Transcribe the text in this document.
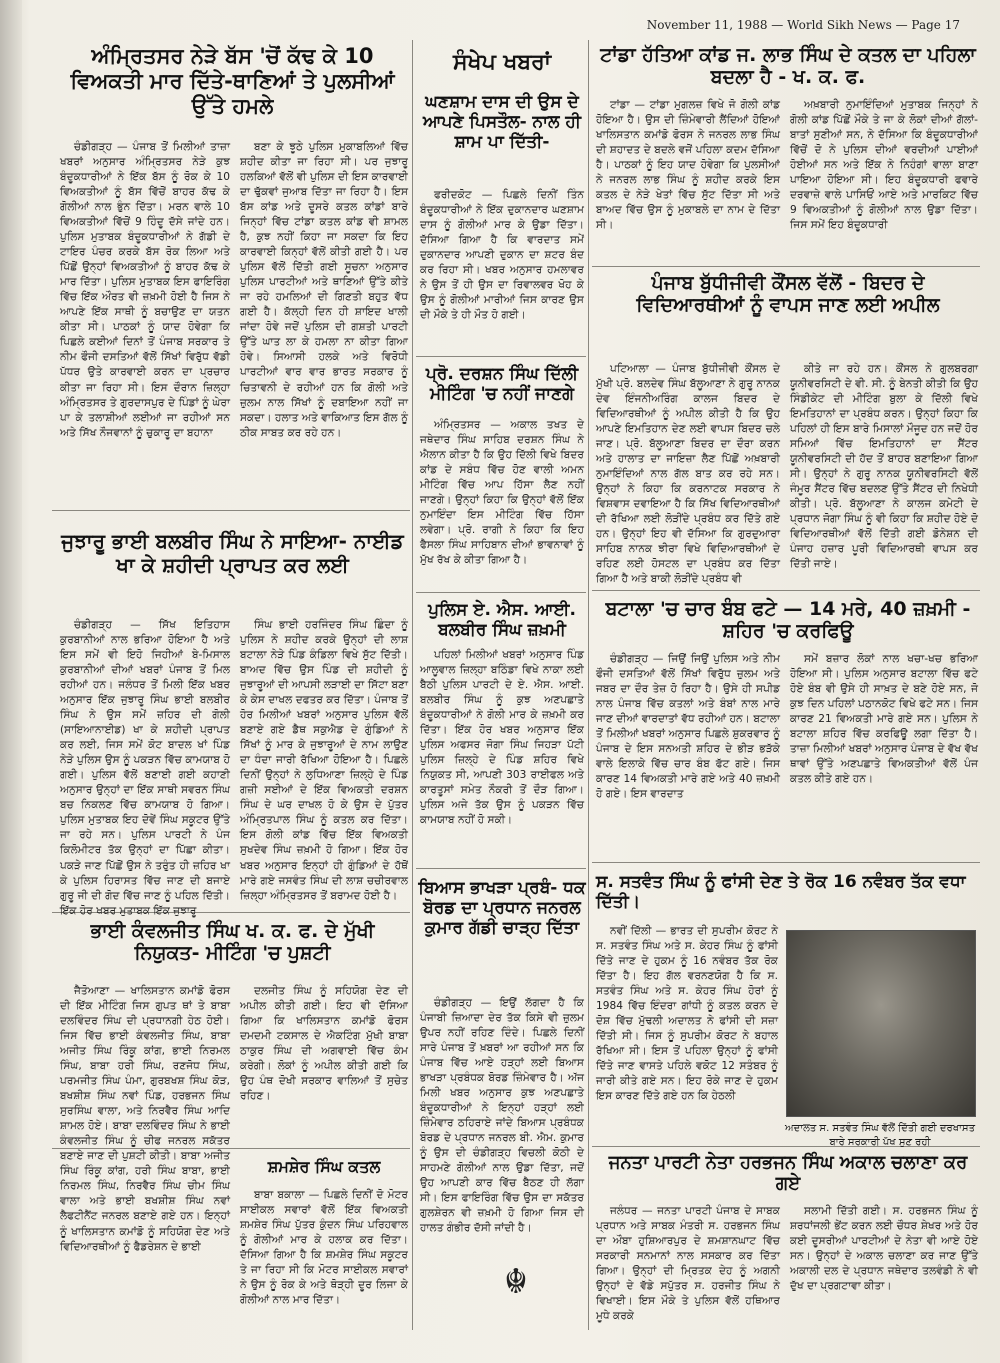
November 11, 1988 — World Sikh News — Page 17
ਅੰਮ੍ਰਿਤਸਰ ਨੇੜੇ ਬੱਸ 'ਚੋਂ ਕੱਢ ਕੇ 10 ਵਿਅਕਤੀ ਮਾਰ ਦਿੱਤੇ-ਥਾਣਿਆਂ ਤੇ ਪੁਲਸੀਆਂ ਉੱਤੇ ਹਮਲੇ

ਚੰਡੀਗੜ੍ਹ — ਪੰਜਾਬ ਤੋਂ ਮਿਲੀਆਂ ਤਾਜ਼ਾ ਖਬਰਾਂ ਅਨੁਸਾਰ ਅੰਮ੍ਰਿਤਸਰ ਨੇੜੇ ਕੁਝ ਬੰਦੂਕਧਾਰੀਆਂ ਨੇ ਇੱਕ ਬੱਸ ਨੂੰ ਰੋਕ ਕੇ 10 ਵਿਅਕਤੀਆਂ ਨੂੰ ਬੱਸ ਵਿੱਚੋਂ ਬਾਹਰ ਕੱਢ ਕੇ ਗੋਲੀਆਂ ਨਾਲ ਭੁੰਨ ਦਿੱਤਾ। ਮਰਨ ਵਾਲੇ 10 ਵਿਅਕਤੀਆਂ ਵਿੱਚੋਂ 9 ਹਿੰਦੂ ਦੱਸੇ ਜਾਂਦੇ ਹਨ। ਪੁਲਿਸ ਮੁਤਾਬਕ ਬੰਦੂਕਧਾਰੀਆਂ ਨੇ ਗੱਡੀ ਦੇ ਟਾਇਰ ਪੰਚਰ ਕਰਕੇ ਬੱਸ ਰੋਕ ਲਿਆ ਅਤੇ ਪਿੱਛੋਂ ਉਨ੍ਹਾਂ ਵਿਅਕਤੀਆਂ ਨੂੰ ਬਾਹਰ ਕੱਢ ਕੇ ਮਾਰ ਦਿੱਤਾ। ਪੁਲਿਸ ਮੁਤਾਬਕ ਇਸ ਫਾਇਰਿੰਗ ਵਿੱਚ ਇੱਕ ਔਰਤ ਵੀ ਜ਼ਖ਼ਮੀ ਹੋਈ ਹੈ ਜਿਸ ਨੇ ਆਪਣੇ ਇੱਕ ਸਾਥੀ ਨੂੰ ਬਚਾਉਣ ਦਾ ਯਤਨ ਕੀਤਾ ਸੀ। ਪਾਠਕਾਂ ਨੂੰ ਯਾਦ ਹੋਵੇਗਾ ਕਿ ਪਿਛਲੇ ਕਈਆਂ ਦਿਨਾਂ ਤੋਂ ਪੰਜਾਬ ਸਰਕਾਰ ਤੇ ਨੀਮ ਫੌਜੀ ਦਸਤਿਆਂ ਵੱਲੋਂ ਸਿੱਖਾਂ ਵਿਰੁੱਧ ਵੱਡੀ ਪੱਧਰ ਉਤੇ ਕਾਰਵਾਈ ਕਰਨ ਦਾ ਪ੍ਰਚਾਰ ਕੀਤਾ ਜਾ ਰਿਹਾ ਸੀ। ਇਸ ਦੌਰਾਨ ਜ਼ਿਲ੍ਹਾ ਅੰਮ੍ਰਿਤਸਰ ਤੇ ਗੁਰਦਾਸਪੁਰ ਦੇ ਪਿੰਡਾਂ ਨੂੰ ਘੇਰਾ ਪਾ ਕੇ ਤਲਾਸ਼ੀਆਂ ਲਈਆਂ ਜਾ ਰਹੀਆਂ ਸਨ ਅਤੇ ਸਿੱਖ ਨੌਜਵਾਨਾਂ ਨੂੰ ਚੁਕਾਰੂ ਦਾ ਬਹਾਨਾ

ਬਣਾ ਕੇ ਝੂਠੇ ਪੁਲਿਸ ਮੁਕਾਬਲਿਆਂ ਵਿੱਚ ਸ਼ਹੀਦ ਕੀਤਾ ਜਾ ਰਿਹਾ ਸੀ। ਪਰ ਜੁਝਾਰੂ ਹਲਕਿਆਂ ਵੱਲੋਂ ਵੀ ਪੁਲਿਸ ਦੀ ਇਸ ਕਾਰਵਾਈ ਦਾ ਢੁੱਕਵਾਂ ਜੁਆਬ ਦਿੱਤਾ ਜਾ ਰਿਹਾ ਹੈ। ਇਸ ਬੱਸ ਕਾਂਡ ਅਤੇ ਦੂਸਰੇ ਕਤਲ ਕਾਂਡਾਂ ਬਾਰੇ ਜਿਨ੍ਹਾਂ ਵਿੱਚ ਟਾਂਡਾ ਕਤਲ ਕਾਂਡ ਵੀ ਸ਼ਾਮਲ ਹੈ, ਕੁਝ ਨਹੀਂ ਕਿਹਾ ਜਾ ਸਕਦਾ ਕਿ ਇਹ ਕਾਰਵਾਈ ਕਿਨ੍ਹਾਂ ਵੱਲੋਂ ਕੀਤੀ ਗਈ ਹੈ। ਪਰ ਪੁਲਿਸ ਵੱਲੋਂ ਦਿੱਤੀ ਗਈ ਸੂਚਨਾ ਅਨੁਸਾਰ ਪੁਲਿਸ ਪਾਰਟੀਆਂ ਅਤੇ ਥਾਣਿਆਂ ਉੱਤੇ ਕੀਤੇ ਜਾ ਰਹੇ ਹਮਲਿਆਂ ਦੀ ਗਿਣਤੀ ਬਹੁਤ ਵੱਧ ਗਈ ਹੈ। ਕੱਲ੍ਹੀ ਦਿਨ ਹੀ ਸ਼ਾਇਦ ਖਾਲੀ ਜਾਂਦਾ ਹੋਵੇ ਜਦੋਂ ਪੁਲਿਸ ਦੀ ਗਸ਼ਤੀ ਪਾਰਟੀ ਉੱਤੇ ਘਾਤ ਲਾ ਕੇ ਹਮਲਾ ਨਾ ਕੀਤਾ ਗਿਆ ਹੋਵੇ। ਸਿਆਸੀ ਹਲਕੇ ਅਤੇ ਵਿਰੋਧੀ ਪਾਰਟੀਆਂ ਵਾਰ ਵਾਰ ਭਾਰਤ ਸਰਕਾਰ ਨੂੰ ਚਿਤਾਵਨੀ ਦੇ ਰਹੀਆਂ ਹਨ ਕਿ ਗੋਲੀ ਅਤੇ ਜ਼ੁਲਮ ਨਾਲ ਸਿੱਖਾਂ ਨੂੰ ਦਬਾਇਆ ਨਹੀਂ ਜਾ ਸਕਦਾ। ਹਲਾਤ ਅਤੇ ਵਾਕਿਆਤ ਇਸ ਗੱਲ ਨੂੰ ਠੀਕ ਸਾਬਤ ਕਰ ਰਹੇ ਹਨ।

ਸੰਖੇਪ ਖਬਰਾਂ
ਘਣਸ਼ਾਮ ਦਾਸ ਦੀ ਉਸ ਦੇ ਆਪਣੇ ਪਿਸਤੌਲ- ਨਾਲ ਹੀ ਸ਼ਾਮ ਪਾ ਦਿੱਤੀ-

ਫਰੀਦਕੋਟ — ਪਿਛਲੇ ਦਿਨੀਂ ਤਿੰਨ ਬੰਦੂਕਧਾਰੀਆਂ ਨੇ ਇੱਕ ਦੁਕਾਨਦਾਰ ਘਣਸ਼ਾਮ ਦਾਸ ਨੂੰ ਗੋਲੀਆਂ ਮਾਰ ਕੇ ਉਡਾ ਦਿੱਤਾ। ਦੱਸਿਆ ਗਿਆ ਹੈ ਕਿ ਵਾਰਦਾਤ ਸਮੇਂ ਦੁਕਾਨਦਾਰ ਆਪਣੀ ਦੁਕਾਨ ਦਾ ਸ਼ਟਰ ਬੰਦ ਕਰ ਰਿਹਾ ਸੀ। ਖਬਰ ਅਨੁਸਾਰ ਹਮਲਾਵਰ ਨੇ ਉਸ ਤੋਂ ਹੀ ਉਸ ਦਾ ਰਿਵਾਲਵਰ ਖੋਹ ਕੇ ਉਸ ਨੂੰ ਗੋਲੀਆਂ ਮਾਰੀਆਂ ਜਿਸ ਕਾਰਣ ਉਸ ਦੀ ਮੌਕੇ ਤੇ ਹੀ ਮੌਤ ਹੋ ਗਈ।

ਪ੍ਰੋ. ਦਰਸ਼ਨ ਸਿੰਘ ਦਿੱਲੀ ਮੀਟਿੰਗ 'ਚ ਨਹੀਂ ਜਾਣਗੇ

ਅੰਮ੍ਰਿਤਸਰ — ਅਕਾਲ ਤਖਤ ਦੇ ਜਥੇਦਾਰ ਸਿੰਘ ਸਾਹਿਬ ਦਰਸ਼ਨ ਸਿੰਘ ਨੇ ਐਲਾਨ ਕੀਤਾ ਹੈ ਕਿ ਉਹ ਦਿੱਲੀ ਵਿਖੇ ਬਿਦਰ ਕਾਂਡ ਦੇ ਸਬੰਧ ਵਿੱਚ ਹੋਣ ਵਾਲੀ ਅਮਨ ਮੀਟਿੰਗ ਵਿੱਚ ਆਪ ਹਿੱਸਾ ਲੈਣ ਨਹੀਂ ਜਾਣਗੇ। ਉਨ੍ਹਾਂ ਕਿਹਾ ਕਿ ਉਨ੍ਹਾਂ ਵੱਲੋਂ ਇੱਕ ਨੁਮਾਇੰਦਾ ਇਸ ਮੀਟਿੰਗ ਵਿੱਚ ਹਿੱਸਾ ਲਵੇਗਾ। ਪ੍ਰੋ. ਰਾਗੀ ਨੇ ਕਿਹਾ ਕਿ ਇਹ ਫੈਸਲਾ ਸਿੰਘ ਸਾਹਿਬਾਨ ਦੀਆਂ ਭਾਵਨਾਵਾਂ ਨੂੰ ਮੁੱਖ ਰੱਖ ਕੇ ਕੀਤਾ ਗਿਆ ਹੈ।

ਪੁਲਿਸ ਏ. ਐਸ. ਆਈ. ਬਲਬੀਰ ਸਿੰਘ ਜ਼ਖ਼ਮੀ

ਪਹਿਲਾਂ ਮਿਲੀਆਂ ਖਬਰਾਂ ਅਨੁਸਾਰ ਪਿੰਡ ਆਲੂਵਾਲ ਜ਼ਿਲ੍ਹਾ ਬਠਿੰਡਾ ਵਿਖੇ ਨਾਕਾ ਲਈ ਬੈਠੀ ਪੁਲਿਸ ਪਾਰਟੀ ਦੇ ਏ. ਐਸ. ਆਈ. ਬਲਬੀਰ ਸਿੰਘ ਨੂੰ ਕੁਝ ਅਣਪਛਾਤੇ ਬੰਦੂਕਧਾਰੀਆਂ ਨੇ ਗੋਲੀ ਮਾਰ ਕੇ ਜ਼ਖ਼ਮੀ ਕਰ ਦਿੱਤਾ। ਇੱਕ ਹੋਰ ਖਬਰ ਅਨੁਸਾਰ ਇੱਕ ਪੁਲਿਸ ਅਫਸਰ ਜੋਗਾ ਸਿੰਘ ਜਿਹੜਾ ਪੱਟੀ ਪੁਲਿਸ ਜ਼ਿਲ੍ਹੇ ਦੇ ਪਿੰਡ ਸ਼ਹਿਰ ਵਿਖੇ ਨਿਯੁਕਤ ਸੀ, ਆਪਣੀ 303 ਰਾਈਫਲ ਅਤੇ ਕਾਰਤੂਸਾਂ ਸਮੇਤ ਨੌਕਰੀ ਤੋਂ ਦੌੜ ਗਿਆ। ਪੁਲਿਸ ਅਜੇ ਤੱਕ ਉਸ ਨੂੰ ਪਕੜਨ ਵਿੱਚ ਕਾਮਯਾਬ ਨਹੀਂ ਹੋ ਸਕੀ।

ਬਿਆਸ ਭਾਖੜਾ ਪ੍ਰਬੰ- ਧਕ ਬੋਰਡ ਦਾ ਪ੍ਰਧਾਨ ਜਨਰਲ ਕੁਮਾਰ ਗੱਡੀ ਚਾੜ੍ਹ ਦਿੱਤਾ

ਚੰਡੀਗੜ੍ਹ — ਇਉਂ ਲੱਗਦਾ ਹੈ ਕਿ ਪੰਜਾਬੀ ਜ਼ਿਆਦਾ ਦੇਰ ਤੱਕ ਕਿਸੇ ਵੀ ਜ਼ੁਲਮ ਉਪਰ ਨਹੀਂ ਰਹਿਣ ਦਿੰਦੇ। ਪਿਛਲੇ ਦਿਨੀਂ ਸਾਰੇ ਪੰਜਾਬ ਤੋਂ ਖ਼ਬਰਾਂ ਆ ਰਹੀਆਂ ਸਨ ਕਿ ਪੰਜਾਬ ਵਿੱਚ ਆਏ ਹੜ੍ਹਾਂ ਲਈ ਬਿਆਸ ਭਾਖੜਾ ਪ੍ਰਬੰਧਕ ਬੋਰਡ ਜ਼ਿੰਮੇਵਾਰ ਹੈ। ਅੱਜ ਮਿਲੀ ਖਬਰ ਅਨੁਸਾਰ ਕੁਝ ਅਣਪਛਾਤੇ ਬੰਦੂਕਧਾਰੀਆਂ ਨੇ ਇਨ੍ਹਾਂ ਹੜ੍ਹਾਂ ਲਈ ਜ਼ਿੰਮੇਵਾਰ ਠਹਿਰਾਏ ਜਾਂਦੇ ਬਿਆਸ ਪ੍ਰਬੰਧਕ ਬੋਰਡ ਦੇ ਪ੍ਰਧਾਨ ਜਨਰਲ ਬੀ. ਐਮ. ਕੁਮਾਰ ਨੂੰ ਉਸ ਦੀ ਚੰਡੀਗੜ੍ਹ ਵਿਚਲੀ ਕੋਠੀ ਦੇ ਸਾਹਮਣੇ ਗੋਲੀਆਂ ਨਾਲ ਉਡਾ ਦਿੱਤਾ, ਜਦੋਂ ਉਹ ਆਪਣੀ ਕਾਰ ਵਿੱਚ ਬੈਠਣ ਹੀ ਲੱਗਾ ਸੀ। ਇਸ ਫਾਇਰਿੰਗ ਵਿੱਚ ਉਸ ਦਾ ਸਕੱਤਰ ਗੁਲਸ਼ੇਰਨ ਵੀ ਜ਼ਖ਼ਮੀ ਹੋ ਗਿਆ ਜਿਸ ਦੀ ਹਾਲਤ ਗੰਭੀਰ ਦੱਸੀ ਜਾਂਦੀ ਹੈ।

☬
ਟਾਂਡਾ ਹੱਤਿਆ ਕਾਂਡ ਜ. ਲਾਭ ਸਿੰਘ ਦੇ ਕਤਲ ਦਾ ਪਹਿਲਾ ਬਦਲਾ ਹੈ - ਖ. ਕ. ਫ.

ਟਾਂਡਾ — ਟਾਂਡਾ ਮੁਗਲਜ਼ ਵਿਖੇ ਜੋ ਗੋਲੀ ਕਾਂਡ ਹੋਇਆ ਹੈ। ਉਸ ਦੀ ਜ਼ਿੰਮੇਵਾਰੀ ਲੈਂਦਿਆਂ ਹੋਇਆਂ ਖਾਲਿਸਤਾਨ ਕਮਾਂਡੋ ਫੋਰਸ ਨੇ ਜਨਰਲ ਲਾਭ ਸਿੰਘ ਦੀ ਸ਼ਹਾਦਤ ਦੇ ਬਦਲੇ ਵਜੋਂ ਪਹਿਲਾ ਕਦਮ ਦੱਸਿਆ ਹੈ। ਪਾਠਕਾਂ ਨੂੰ ਇਹ ਯਾਦ ਹੋਵੇਗਾ ਕਿ ਪੁਲਸੀਆਂ ਨੇ ਜਨਰਲ ਲਾਭ ਸਿੰਘ ਨੂੰ ਸ਼ਹੀਦ ਕਰਕੇ ਇਸ ਕਤਲ ਦੇ ਨੇੜੇ ਖੇਤਾਂ ਵਿੱਚ ਸੁੱਟ ਦਿੱਤਾ ਸੀ ਅਤੇ ਬਾਅਦ ਵਿੱਚ ਉਸ ਨੂੰ ਮੁਕਾਬਲੇ ਦਾ ਨਾਮ ਦੇ ਦਿੱਤਾ ਸੀ।

ਅਖ਼ਬਾਰੀ ਨੁਮਾਇੰਦਿਆਂ ਮੁਤਾਬਕ ਜਿਨ੍ਹਾਂ ਨੇ ਗੋਲੀ ਕਾਂਡ ਪਿੱਛੋਂ ਮੌਕੇ ਤੇ ਜਾ ਕੇ ਲੋਕਾਂ ਦੀਆਂ ਗੱਲਾਂ-ਬਾਤਾਂ ਸੁਣੀਆਂ ਸਨ, ਨੇ ਦੱਸਿਆ ਕਿ ਬੰਦੂਕਧਾਰੀਆਂ ਵਿੱਚੋਂ ਦੋ ਨੇ ਪੁਲਿਸ ਦੀਆਂ ਵਰਦੀਆਂ ਪਾਈਆਂ ਹੋਈਆਂ ਸਨ ਅਤੇ ਇੱਕ ਨੇ ਨਿਹੰਗਾਂ ਵਾਲਾ ਬਾਣਾ ਪਾਇਆ ਹੋਇਆ ਸੀ। ਇਹ ਬੰਦੂਕਧਾਰੀ ਫਵਾਰੇ ਦਰਵਾਜ਼ੇ ਵਾਲੇ ਪਾਸਿਓਂ ਆਏ ਅਤੇ ਮਾਰਕਿਟ ਵਿੱਚ 9 ਵਿਅਕਤੀਆਂ ਨੂੰ ਗੋਲੀਆਂ ਨਾਲ ਉਡਾ ਦਿੱਤਾ। ਜਿਸ ਸਮੇਂ ਇਹ ਬੰਦੂਕਧਾਰੀ

ਪੰਜਾਬ ਬੁੱਧੀਜੀਵੀ ਕੌਂਸਲ ਵੱਲੋਂ - ਬਿਦਰ ਦੇ ਵਿਦਿਆਰਥੀਆਂ ਨੂੰ ਵਾਪਸ ਜਾਣ ਲਈ ਅਪੀਲ

ਪਟਿਆਲਾ — ਪੰਜਾਬ ਬੁੱਧੀਜੀਵੀ ਕੌਂਸਲ ਦੇ ਮੁੱਖੀ ਪ੍ਰੋ. ਬਲਦੇਵ ਸਿੰਘ ਬੱਲੂਆਣਾ ਨੇ ਗੁਰੂ ਨਾਨਕ ਦੇਵ ਇੰਜਨੀਅਰਿੰਗ ਕਾਲਜ ਬਿਦਰ ਦੇ ਵਿਦਿਆਰਥੀਆਂ ਨੂੰ ਅਪੀਲ ਕੀਤੀ ਹੈ ਕਿ ਉਹ ਆਪਣੇ ਇਮਤਿਹਾਨ ਦੇਣ ਲਈ ਵਾਪਸ ਬਿਦਰ ਚਲੇ ਜਾਣ। ਪ੍ਰੋ. ਬੱਲੂਆਣਾ ਬਿਦਰ ਦਾ ਦੌਰਾ ਕਰਨ ਅਤੇ ਹਾਲਾਤ ਦਾ ਜਾਇਜ਼ਾ ਲੈਣ ਪਿੱਛੋਂ ਅਖ਼ਬਾਰੀ ਨੁਮਾਇੰਦਿਆਂ ਨਾਲ ਗੱਲ ਬਾਤ ਕਰ ਰਹੇ ਸਨ। ਉਨ੍ਹਾਂ ਨੇ ਕਿਹਾ ਕਿ ਕਰਨਾਟਕ ਸਰਕਾਰ ਨੇ ਵਿਸ਼ਵਾਸ ਦਵਾਇਆ ਹੈ ਕਿ ਸਿੱਖ ਵਿਦਿਆਰਥੀਆਂ ਦੀ ਰੱਖਿਆ ਲਈ ਲੋੜੀਂਦੇ ਪ੍ਰਬੰਧ ਕਰ ਦਿੱਤੇ ਗਏ ਹਨ। ਉਨ੍ਹਾਂ ਇਹ ਵੀ ਦੱਸਿਆ ਕਿ ਗੁਰਦੁਆਰਾ ਸਾਹਿਬ ਨਾਨਕ ਝੀਰਾ ਵਿਖੇ ਵਿਦਿਆਰਥੀਆਂ ਦੇ ਰਹਿਣ ਲਈ ਹੋਸਟਲ ਦਾ ਪ੍ਰਬੰਧ ਕਰ ਦਿੱਤਾ ਗਿਆ ਹੈ ਅਤੇ ਬਾਕੀ ਲੋੜੀਂਦੇ ਪ੍ਰਬੰਧ ਵੀ

ਕੀਤੇ ਜਾ ਰਹੇ ਹਨ। ਕੌਂਸਲ ਨੇ ਗੁਲਬਰਗਾ ਯੂਨੀਵਰਸਿਟੀ ਦੇ ਵੀ. ਸੀ. ਨੂੰ ਬੇਨਤੀ ਕੀਤੀ ਕਿ ਉਹ ਸਿੰਡੀਕੇਟ ਦੀ ਮੀਟਿੰਗ ਬੁਲਾ ਕੇ ਦਿੱਲੀ ਵਿਖੇ ਇਮਤਿਹਾਨਾਂ ਦਾ ਪ੍ਰਬੰਧ ਕਰਨ। ਉਨ੍ਹਾਂ ਕਿਹਾ ਕਿ ਪਹਿਲਾਂ ਹੀ ਇਸ ਬਾਰੇ ਮਿਸਾਲਾਂ ਮੌਜੂਦ ਹਨ ਜਦੋਂ ਹੋਰ ਸਮਿਆਂ ਵਿੱਚ ਇਮਤਿਹਾਨਾਂ ਦਾ ਸੈਂਟਰ ਯੂਨੀਵਰਸਿਟੀ ਦੀ ਹੱਦ ਤੋਂ ਬਾਹਰ ਬਣਾਇਆ ਗਿਆ ਸੀ। ਉਨ੍ਹਾਂ ਨੇ ਗੁਰੂ ਨਾਨਕ ਯੂਨੀਵਰਸਿਟੀ ਵੱਲੋਂ ਜੰਮੂਰ ਸੈਂਟਰ ਵਿੱਚ ਬਦਲਣ ਉੱਤੇ ਸੈਂਟਰ ਦੀ ਨਿਖੇਧੀ ਕੀਤੀ। ਪ੍ਰੋ. ਬੱਲੂਆਣਾ ਨੇ ਕਾਲਜ ਕਮੇਟੀ ਦੇ ਪ੍ਰਧਾਨ ਜੋਗਾ ਸਿੰਘ ਨੂੰ ਵੀ ਕਿਹਾ ਕਿ ਸ਼ਹੀਦ ਹੋਏ ਦੋ ਵਿਦਿਆਰਥੀਆਂ ਵੱਲੋਂ ਦਿੱਤੀ ਗਈ ਡੋਨੇਸ਼ਨ ਦੀ ਪੰਜਾਹ ਹਜ਼ਾਰ ਪੂਰੀ ਵਿਦਿਆਰਥੀ ਵਾਪਸ ਕਰ ਦਿੱਤੀ ਜਾਏ।

ਜੁਝਾਰੂ ਭਾਈ ਬਲਬੀਰ ਸਿੰਘ ਨੇ ਸਾਇਆ- ਨਾਈਡ ਖਾ ਕੇ ਸ਼ਹੀਦੀ ਪ੍ਰਾਪਤ ਕਰ ਲਈ

ਚੰਡੀਗੜ੍ਹ — ਸਿੱਖ ਇਤਿਹਾਸ ਕੁਰਬਾਨੀਆਂ ਨਾਲ ਭਰਿਆ ਹੋਇਆ ਹੈ ਅਤੇ ਇਸ ਸਮੇਂ ਵੀ ਇਹੋ ਜਿਹੀਆਂ ਬੇ-ਮਿਸਾਲ ਕੁਰਬਾਨੀਆਂ ਦੀਆਂ ਖਬਰਾਂ ਪੰਜਾਬ ਤੋਂ ਮਿਲ ਰਹੀਆਂ ਹਨ। ਜਲੰਧਰ ਤੋਂ ਮਿਲੀ ਇੱਕ ਖਬਰ ਅਨੁਸਾਰ ਇੱਕ ਜੁਝਾਰੂ ਸਿੰਘ ਭਾਈ ਬਲਬੀਰ ਸਿੰਘ ਨੇ ਉਸ ਸਮੇਂ ਜ਼ਹਿਰ ਦੀ ਗੋਲੀ (ਸਾਇਆਨਾਈਡ) ਖਾ ਕੇ ਸ਼ਹੀਦੀ ਪ੍ਰਾਪਤ ਕਰ ਲਈ, ਜਿਸ ਸਮੇਂ ਕੋਟ ਬਾਦਲ ਖਾਂ ਪਿੰਡ ਨੇੜੇ ਪੁਲਿਸ ਉਸ ਨੂੰ ਪਕੜਨ ਵਿੱਚ ਕਾਮਯਾਬ ਹੋ ਗਈ। ਪੁਲਿਸ ਵੱਲੋਂ ਬਣਾਈ ਗਈ ਕਹਾਣੀ ਅਨੁਸਾਰ ਉਨ੍ਹਾਂ ਦਾ ਇੱਕ ਸਾਥੀ ਸਵਰਨ ਸਿੰਘ ਬਚ ਨਿਕਲਣ ਵਿੱਚ ਕਾਮਯਾਬ ਹੋ ਗਿਆ। ਪੁਲਿਸ ਮੁਤਾਬਕ ਇਹ ਦੋਵੇਂ ਸਿੰਘ ਸਕੂਟਰ ਉੱਤੇ ਜਾ ਰਹੇ ਸਨ। ਪੁਲਿਸ ਪਾਰਟੀ ਨੇ ਪੰਜ ਕਿਲੋਮੀਟਰ ਤੱਕ ਉਨ੍ਹਾਂ ਦਾ ਪਿੱਛਾ ਕੀਤਾ। ਪਕੜੇ ਜਾਣ ਪਿੱਛੋਂ ਉਸ ਨੇ ਤਰੁੰਤ ਹੀ ਜ਼ਹਿਰ ਖਾ ਕੇ ਪੁਲਿਸ ਹਿਰਾਸਤ ਵਿੱਚ ਜਾਣ ਦੀ ਬਜਾਏ ਗੁਰੂ ਜੀ ਦੀ ਗੋਦ ਵਿੱਚ ਜਾਣ ਨੂੰ ਪਹਿਲ ਦਿੱਤੀ। ਇੱਕ ਹੋਰ ਖਬਰ ਮੁਤਾਬਕ ਇੱਕ ਜੁਝਾਰੂ

ਸਿੰਘ ਭਾਈ ਹਰਜਿੰਦਰ ਸਿੰਘ ਛਿੰਦਾ ਨੂੰ ਪੁਲਿਸ ਨੇ ਸ਼ਹੀਦ ਕਰਕੇ ਉਨ੍ਹਾਂ ਦੀ ਲਾਸ਼ ਬਟਾਲਾ ਨੇੜੇ ਪਿੰਡ ਕੰਡਿਲਾ ਵਿਖੇ ਸੁੱਟ ਦਿੱਤੀ। ਬਾਅਦ ਵਿੱਚ ਉਸ ਪਿੰਡ ਦੀ ਸ਼ਹੀਦੀ ਨੂੰ ਜੁਝਾਰੂਆਂ ਦੀ ਆਪਸੀ ਲੜਾਈ ਦਾ ਸਿੱਟਾ ਬਣਾ ਕੇ ਕੇਸ ਦਾਖਲ ਦਫਤਰ ਕਰ ਦਿੱਤਾ। ਪੰਜਾਬ ਤੋਂ ਹੋਰ ਮਿਲੀਆਂ ਖਬਰਾਂ ਅਨੁਸਾਰ ਪੁਲਿਸ ਵੱਲੋਂ ਬਣਾਏ ਗਏ ਡੈਥ ਸਕੁਐਡ ਦੇ ਗੁੰਡਿਆਂ ਨੇ ਸਿੱਖਾਂ ਨੂੰ ਮਾਰ ਕੇ ਜੁਝਾਰੂਆਂ ਦੇ ਨਾਮ ਲਾਉਣ ਦਾ ਧੰਦਾ ਜਾਰੀ ਰੱਖਿਆ ਹੋਇਆ ਹੈ। ਪਿਛਲੇ ਦਿਨੀਂ ਉਨ੍ਹਾਂ ਨੇ ਲੁਧਿਆਣਾ ਜ਼ਿਲ੍ਹੇ ਦੇ ਪਿੰਡ ਗਜ਼ੀ ਸਈਆਂ ਦੇ ਇੱਕ ਵਿਅਕਤੀ ਦਰਸ਼ਨ ਸਿੰਘ ਦੇ ਘਰ ਦਾਖਲ ਹੋ ਕੇ ਉਸ ਦੇ ਪੁੱਤਰ ਅੰਮ੍ਰਿਤਪਾਲ ਸਿੰਘ ਨੂੰ ਕਤਲ ਕਰ ਦਿੱਤਾ। ਇਸ ਗੋਲੀ ਕਾਂਡ ਵਿੱਚ ਇੱਕ ਵਿਅਕਤੀ ਸੁਖਦੇਵ ਸਿੰਘ ਜ਼ਖ਼ਮੀ ਹੋ ਗਿਆ। ਇੱਕ ਹੋਰ ਖਬਰ ਅਨੁਸਾਰ ਇਨ੍ਹਾਂ ਹੀ ਗੁੰਡਿਆਂ ਦੇ ਹੱਥੋਂ ਮਾਰੇ ਗਏ ਜਸਵੰਤ ਸਿੰਘ ਦੀ ਲਾਸ਼ ਚਚੀਰਵਾਲ ਜ਼ਿਲ੍ਹਾ ਅੰਮ੍ਰਿਤਸਰ ਤੋਂ ਬਰਾਮਦ ਹੋਈ ਹੈ।

ਬਟਾਲਾ 'ਚ ਚਾਰ ਬੰਬ ਫਟੇ — 14 ਮਰੇ, 40 ਜ਼ਖ਼ਮੀ - ਸ਼ਹਿਰ 'ਚ ਕਰਫਿਊ

ਚੰਡੀਗੜ੍ਹ — ਜਿਉਂ ਜਿਉਂ ਪੁਲਿਸ ਅਤੇ ਨੀਮ ਫੌਜੀ ਦਸਤਿਆਂ ਵੱਲੋਂ ਸਿੱਖਾਂ ਵਿਰੁੱਧ ਜ਼ੁਲਮ ਅਤੇ ਜਬਰ ਦਾ ਦੌਰ ਤੇਜ਼ ਹੋ ਰਿਹਾ ਹੈ। ਉਸੇ ਹੀ ਸਪੀਡ ਨਾਲ ਪੰਜਾਬ ਵਿੱਚ ਕਤਲਾਂ ਅਤੇ ਬੰਬਾਂ ਨਾਲ ਮਾਰੇ ਜਾਣ ਦੀਆਂ ਵਾਰਦਾਤਾਂ ਵੱਧ ਰਹੀਆਂ ਹਨ। ਬਟਾਲਾ ਤੋਂ ਮਿਲੀਆਂ ਖਬਰਾਂ ਅਨੁਸਾਰ ਪਿਛਲੇ ਸ਼ੁਕਰਵਾਰ ਨੂੰ ਪੰਜਾਬ ਦੇ ਇਸ ਸਨਅਤੀ ਸ਼ਹਿਰ ਦੇ ਭੀੜ ਭੜੱਕੇ ਵਾਲੇ ਇਲਾਕੇ ਵਿੱਚ ਚਾਰ ਬੰਬ ਫੱਟ ਗਏ। ਜਿਸ ਕਾਰਣ 14 ਵਿਅਕਤੀ ਮਾਰੇ ਗਏ ਅਤੇ 40 ਜ਼ਖ਼ਮੀ ਹੋ ਗਏ। ਇਸ ਵਾਰਦਾਤ

ਸਮੇਂ ਬਜ਼ਾਰ ਲੋਕਾਂ ਨਾਲ ਖਚਾ-ਖਚ ਭਰਿਆ ਹੋਇਆ ਸੀ। ਪੁਲਿਸ ਅਨੁਸਾਰ ਬਟਾਲਾ ਵਿੱਚ ਫਟੇ ਹੋਏ ਬੰਬ ਵੀ ਉਸੇ ਹੀ ਸਾਖ਼ਤ ਦੇ ਬਣੇ ਹੋਏ ਸਨ, ਜੋ ਕੁਝ ਦਿਨ ਪਹਿਲਾਂ ਪਠਾਨਕੋਟ ਵਿਖੇ ਫਟੇ ਸਨ। ਜਿਸ ਕਾਰਣ 21 ਵਿਅਕਤੀ ਮਾਰੇ ਗਏ ਸਨ। ਪੁਲਿਸ ਨੇ ਬਟਾਲਾ ਸ਼ਹਿਰ ਵਿੱਚ ਕਰਫਿਊ ਲਗਾ ਦਿੱਤਾ ਹੈ। ਤਾਜ਼ਾ ਮਿਲੀਆਂ ਖਬਰਾਂ ਅਨੁਸਾਰ ਪੰਜਾਬ ਦੇ ਵੱਖ ਵੱਖ ਥਾਵਾਂ ਉੱਤੇ ਅਣਪਛਾਤੇ ਵਿਅਕਤੀਆਂ ਵੱਲੋਂ ਪੰਜ ਕਤਲ ਕੀਤੇ ਗਏ ਹਨ।

ਸ. ਸਤਵੰਤ ਸਿੰਘ ਨੂੰ ਫਾਂਸੀ ਦੇਣ ਤੇ ਰੋਕ 16 ਨਵੰਬਰ ਤੱਕ ਵਧਾ ਦਿੱਤੀ।

ਨਵੀਂ ਦਿੱਲੀ — ਭਾਰਤ ਦੀ ਸੁਪਰੀਮ ਕੋਰਟ ਨੇ ਸ. ਸਤਵੰਤ ਸਿੰਘ ਅਤੇ ਸ. ਕੇਹਰ ਸਿੰਘ ਨੂੰ ਫਾਂਸੀ ਦਿੱਤੇ ਜਾਣ ਦੇ ਹੁਕਮ ਨੂੰ 16 ਨਵੰਬਰ ਤੱਕ ਰੋਕ ਦਿੱਤਾ ਹੈ। ਇਹ ਗੱਲ ਵਰਨਣਯੋਗ ਹੈ ਕਿ ਸ. ਸਤਵੰਤ ਸਿੰਘ ਅਤੇ ਸ. ਕੇਹਰ ਸਿੰਘ ਹੋਰਾਂ ਨੂੰ 1984 ਵਿੱਚ ਇੰਦਰਾ ਗਾਂਧੀ ਨੂੰ ਕਤਲ ਕਰਨ ਦੇ ਦੋਸ਼ ਵਿੱਚ ਮੁੱਢਲੀ ਅਦਾਲਤ ਨੇ ਫਾਂਸੀ ਦੀ ਸਜ਼ਾ ਦਿੱਤੀ ਸੀ। ਜਿਸ ਨੂੰ ਸੁਪਰੀਮ ਕੋਰਟ ਨੇ ਬਹਾਲ ਰੱਖਿਆ ਸੀ। ਇਸ ਤੋਂ ਪਹਿਲਾ ਉਨ੍ਹਾਂ ਨੂੰ ਫਾਂਸੀ ਦਿੱਤੇ ਜਾਣ ਵਾਸਤੇ ਪਹਿਲੇ ਵਕੋਟ 12 ਸਤੰਬਰ ਨੂੰ ਜਾਰੀ ਕੀਤੇ ਗਏ ਸਨ। ਇਹ ਰੋਕੇ ਜਾਣ ਦੇ ਹੁਕਮ ਇਸ ਕਾਰਣ ਦਿੱਤੇ ਗਏ ਹਨ ਕਿ ਹੇਠਲੀ

ਅਦਾਲਤ ਸ. ਸਤਵੰਤ ਸਿੰਘ ਵੱਲੋਂ ਦਿੱਤੀ ਗਈ ਦਰਖਾਸਤ ਬਾਰੇ ਸਰਕਾਰੀ ਪੱਖ ਸੁਣ ਰਹੀ
ਭਾਈ ਕੰਵਲਜੀਤ ਸਿੰਘ ਖ. ਕ. ਫ. ਦੇ ਮੁੱਖੀ ਨਿਯੁਕਤ- ਮੀਟਿੰਗ 'ਚ ਪੁਸ਼ਟੀ

ਜੈਤੋਆਣਾ — ਖਾਲਿਸਤਾਨ ਕਮਾਂਡੋ ਫੋਰਸ ਦੀ ਇੱਕ ਮੀਟਿੰਗ ਜਿਸ ਗੁਪਤ ਥਾਂ ਤੇ ਬਾਬਾ ਦਲਵਿੰਦਰ ਸਿੰਘ ਦੀ ਪ੍ਰਧਾਨਗੀ ਹੇਠ ਹੋਈ। ਜਿਸ ਵਿੱਚ ਭਾਈ ਕੰਵਲਜੀਤ ਸਿੰਘ, ਬਾਬਾ ਅਜੀਤ ਸਿੰਘ ਰਿੰਕੂ ਕਾਂਗ, ਭਾਈ ਨਿਰਮਲ ਸਿੰਘ, ਬਾਬਾ ਹਰੀ ਸਿੰਘ, ਰਣਜੋਧ ਸਿੰਘ, ਪਰਮਜੀਤ ਸਿੰਘ ਪੰਮਾ, ਗੁਰਬਖਸ਼ ਸਿੰਘ ਕੋੜ, ਬਖਸ਼ੀਸ਼ ਸਿੰਘ ਨਵਾਂ ਪਿੰਡ, ਹਰਭਜਨ ਸਿੰਘ ਸੁਰਸਿੰਘ ਵਾਲਾ, ਅਤੇ ਨਿਰਵੈਰ ਸਿੰਘ ਆਦਿ ਸ਼ਾਮਲ ਹੋਏ। ਬਾਬਾ ਦਲਵਿੰਦਰ ਸਿੰਘ ਨੇ ਭਾਈ ਕੰਵਲਜੀਤ ਸਿੰਘ ਨੂੰ ਚੀਫ ਜਨਰਲ ਸਕੱਤਰ ਬਣਾਏ ਜਾਣ ਦੀ ਪੁਸ਼ਟੀ ਕੀਤੀ। ਬਾਬਾ ਅਜੀਤ ਸਿੰਘ ਰਿੰਕੂ ਕਾਂਗ, ਹਰੀ ਸਿੰਘ ਬਾਬਾ, ਭਾਈ ਨਿਰਮਲ ਸਿੰਘ, ਨਿਰਵੈਰ ਸਿੰਘ ਚੀਮ ਸਿੰਘ ਵਾਲਾ ਅਤੇ ਭਾਈ ਬਖਸ਼ੀਸ਼ ਸਿੰਘ ਨਵਾਂ ਲੈਫਟੀਨੈਂਟ ਜਨਰਲ ਬਣਾਏ ਗਏ ਹਨ। ਇਨ੍ਹਾਂ ਨੂੰ ਖਾਲਿਸਤਾਨ ਕਮਾਂਡੋ ਨੂੰ ਸਹਿਯੋਗ ਦੇਣ ਅਤੇ ਵਿਦਿਆਰਥੀਆਂ ਨੂੰ ਫੈਡਰੇਸ਼ਨ ਦੇ ਭਾਈ

ਦਲਜੀਤ ਸਿੰਘ ਨੂੰ ਸਹਿਯੋਗ ਦੇਣ ਦੀ ਅਪੀਲ ਕੀਤੀ ਗਈ। ਇਹ ਵੀ ਦੱਸਿਆ ਗਿਆ ਕਿ ਖਾਲਿਸਤਾਨ ਕਮਾਂਡੋ ਫੋਰਸ ਦਮਦਮੀ ਟਕਸਾਲ ਦੇ ਐਕਟਿੰਗ ਮੁੱਖੀ ਬਾਬਾ ਠਾਕੁਰ ਸਿੰਘ ਦੀ ਅਗਵਾਈ ਵਿੱਚ ਕੰਮ ਕਰੇਗੀ। ਲੋਕਾਂ ਨੂੰ ਅਪੀਲ ਕੀਤੀ ਗਈ ਕਿ ਉਹ ਪੰਥ ਦੋਖੀ ਸਰਕਾਰ ਵਾਲਿਆਂ ਤੋਂ ਸੁਚੇਤ ਰਹਿਣ।

ਸ਼ਮਸ਼ੇਰ ਸਿੰਘ ਕਤਲ

ਬਾਬਾ ਬਕਾਲਾ — ਪਿਛਲੇ ਦਿਨੀਂ ਦੋ ਮੋਟਰ ਸਾਈਕਲ ਸਵਾਰਾਂ ਵੱਲੋਂ ਇੱਕ ਵਿਅਕਤੀ ਸ਼ਮਸ਼ੇਰ ਸਿੰਘ ਪੁੱਤਰ ਕੁੰਦਨ ਸਿੰਘ ਪਰਿਹਵਾਲ ਨੂੰ ਗੋਲੀਆਂ ਮਾਰ ਕੇ ਹਲਾਕ ਕਰ ਦਿੱਤਾ। ਦੱਸਿਆ ਗਿਆ ਹੈ ਕਿ ਸ਼ਮਸ਼ੇਰ ਸਿੰਘ ਸਕੂਟਰ ਤੇ ਜਾ ਰਿਹਾ ਸੀ ਕਿ ਮੋਟਰ ਸਾਈਕਲ ਸਵਾਰਾਂ ਨੇ ਉਸ ਨੂੰ ਰੋਕ ਕੇ ਅਤੇ ਥੋੜ੍ਹੀ ਦੂਰ ਲਿਜਾ ਕੇ ਗੋਲੀਆਂ ਨਾਲ ਮਾਰ ਦਿੱਤਾ।

ਜਨਤਾ ਪਾਰਟੀ ਨੇਤਾ ਹਰਭਜਨ ਸਿੰਘ ਅਕਾਲ ਚਲਾਣਾ ਕਰ ਗਏ

ਜਲੰਧਰ — ਜਨਤਾ ਪਾਰਟੀ ਪੰਜਾਬ ਦੇ ਸਾਬਕ ਪ੍ਰਧਾਨ ਅਤੇ ਸਾਬਕ ਮੰਤਰੀ ਸ. ਹਰਭਜਨ ਸਿੰਘ ਦਾ ਔਬਾ ਹੁਸ਼ਿਆਰਪੁਰ ਦੇ ਸ਼ਮਸ਼ਾਨਘਾਟ ਵਿੱਚ ਸਰਕਾਰੀ ਸਨਮਾਨਾਂ ਨਾਲ ਸਸਕਾਰ ਕਰ ਦਿੱਤਾ ਗਿਆ। ਉਨ੍ਹਾਂ ਦੀ ਮ੍ਰਿਤਕ ਦੇਹ ਨੂੰ ਅਗਨੀ ਉਨ੍ਹਾਂ ਦੇ ਵੱਡੇ ਸਪੁੱਤਰ ਸ. ਹਰਜੀਤ ਸਿੰਘ ਨੇ ਵਿਖਾਈ। ਇਸ ਮੌਕੇ ਤੇ ਪੁਲਿਸ ਵੱਲੋਂ ਹਥਿਆਰ ਮੂਧੇ ਕਰਕੇ

ਸਲਾਮੀ ਦਿੱਤੀ ਗਈ। ਸ. ਹਰਭਜਨ ਸਿੰਘ ਨੂੰ ਸ਼ਰਧਾਂਜਲੀ ਭੇਂਟ ਕਰਨ ਲਈ ਚੌਧਰ ਸ਼ੇਖਰ ਅਤੇ ਹੋਰ ਕਈ ਦੂਸਰੀਆਂ ਪਾਰਟੀਆਂ ਦੇ ਨੇਤਾ ਵੀ ਆਏ ਹੋਏ ਸਨ। ਉਨ੍ਹਾਂ ਦੇ ਅਕਾਲ ਚਲਾਣਾ ਕਰ ਜਾਣ ਉੱਤੇ ਅਕਾਲੀ ਦਲ ਦੇ ਪ੍ਰਧਾਨ ਜਥੇਦਾਰ ਤਲਵੰਡੀ ਨੇ ਵੀ ਦੁੱਖ ਦਾ ਪ੍ਰਗਟਾਵਾ ਕੀਤਾ।
